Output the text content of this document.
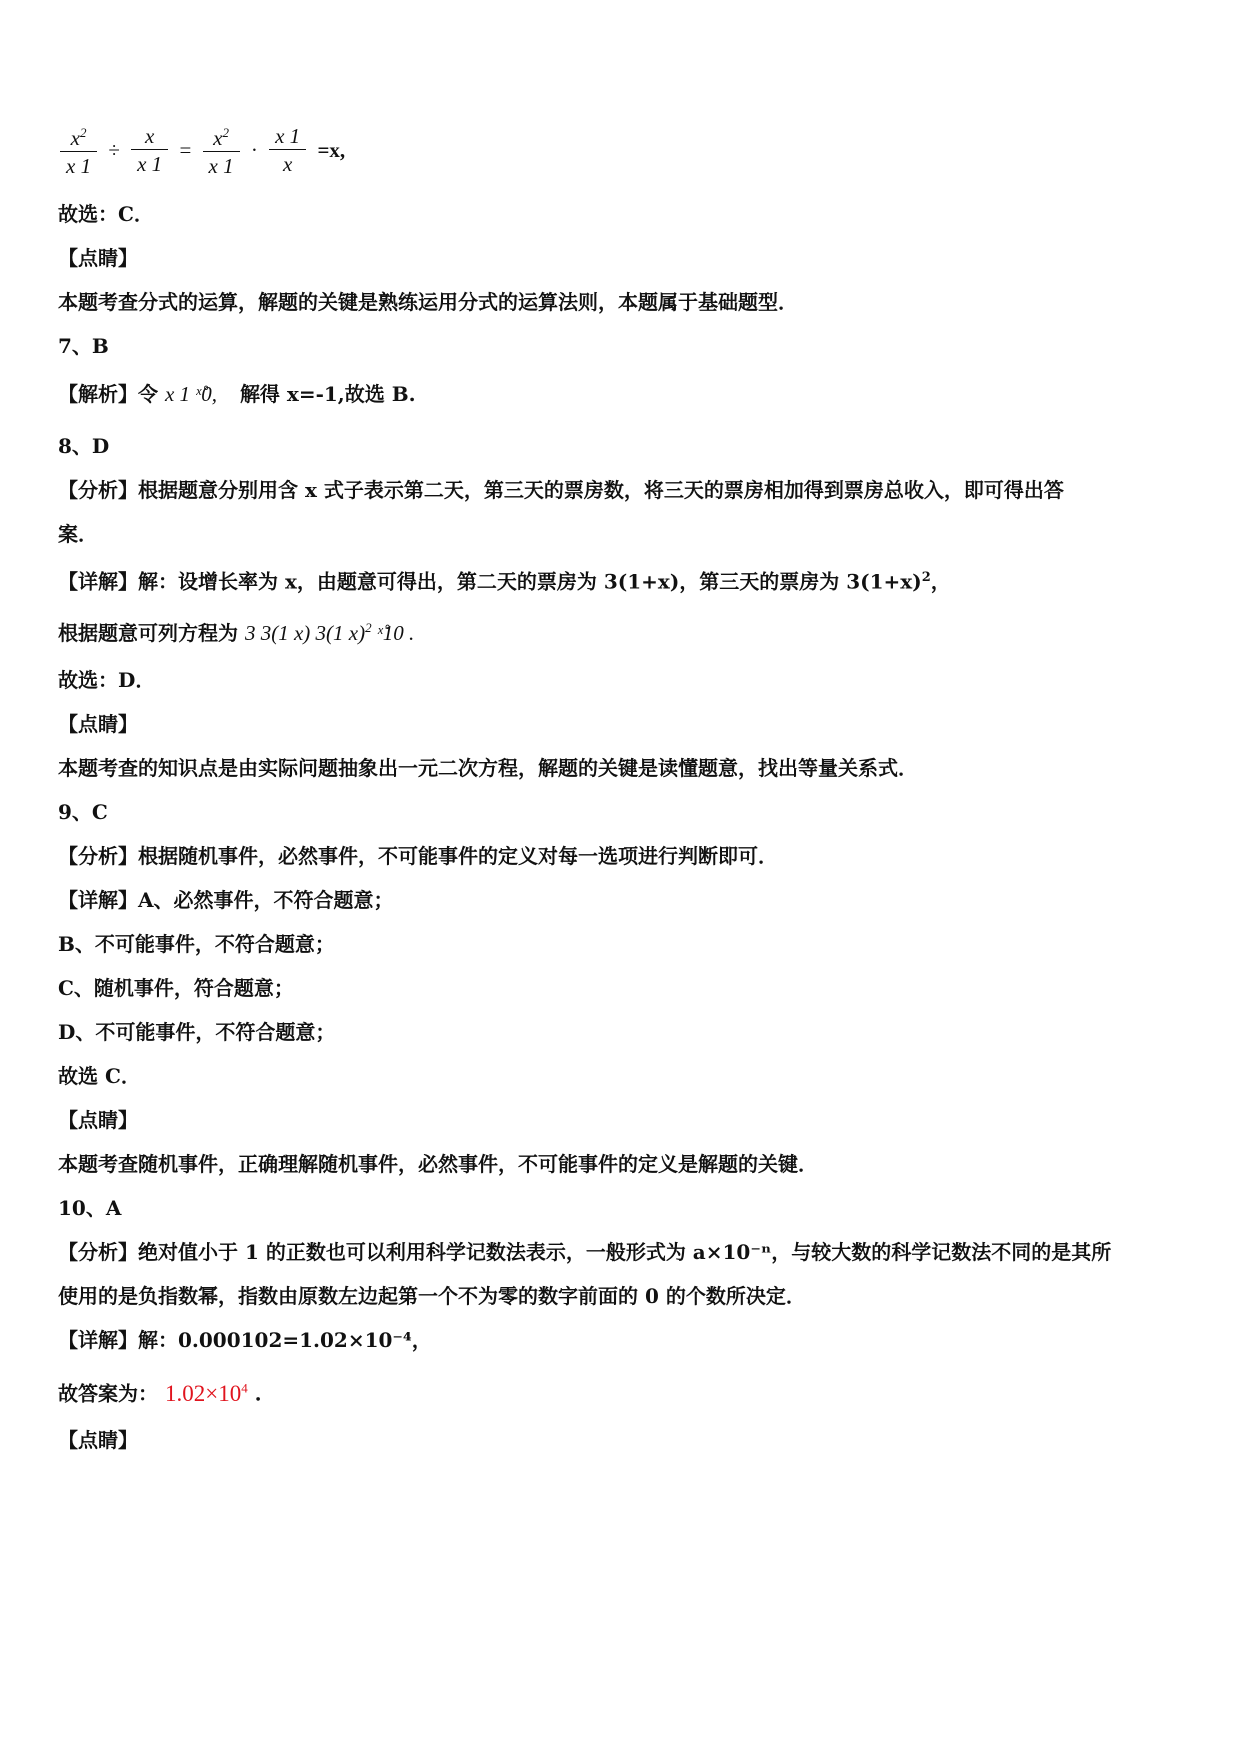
$\frac{x^2}{x 1} \div \frac{x}{x 1} = \frac{x^2}{x 1} \cdot \frac{x 1}{x} =x$,
故选：C．
【点睛】
本题考查分式的运算，解题的关键是熟练运用分式的运算法则，本题属于基础题型．
7、B
【解析】令 x 1 ˣ̊0, 解得 x=-1,故选 B.
8、D
【分析】根据题意分别用含 x 式子表示第二天，第三天的票房数，将三天的票房相加得到票房总收入，即可得出答
案．
【详解】解：设增长率为 x，由题意可得出，第二天的票房为 3(1+x)，第三天的票房为 $3(1+x)^2$，
根据题意可列方程为 3 3(1 x) 3(1 x)$^2$ ˣ̊10 .
故选：D．
【点睛】
本题考查的知识点是由实际问题抽象出一元二次方程，解题的关键是读懂题意，找出等量关系式．
9、C
【分析】根据随机事件，必然事件，不可能事件的定义对每一选项进行判断即可．
【详解】A、必然事件，不符合题意；
B、不可能事件，不符合题意；
C、随机事件，符合题意；
D、不可能事件，不符合题意；
故选 C．
【点睛】
本题考查随机事件，正确理解随机事件，必然事件，不可能事件的定义是解题的关键．
10、A
【分析】绝对值小于 1 的正数也可以利用科学记数法表示，一般形式为 a×10⁻ⁿ，与较大数的科学记数法不同的是其所
使用的是负指数幂，指数由原数左边起第一个不为零的数字前面的 0 的个数所决定．
【详解】解：0.000102=1.02×10⁻⁴，
故答案为： $1.02\times 10^4$ .
【点睛】
